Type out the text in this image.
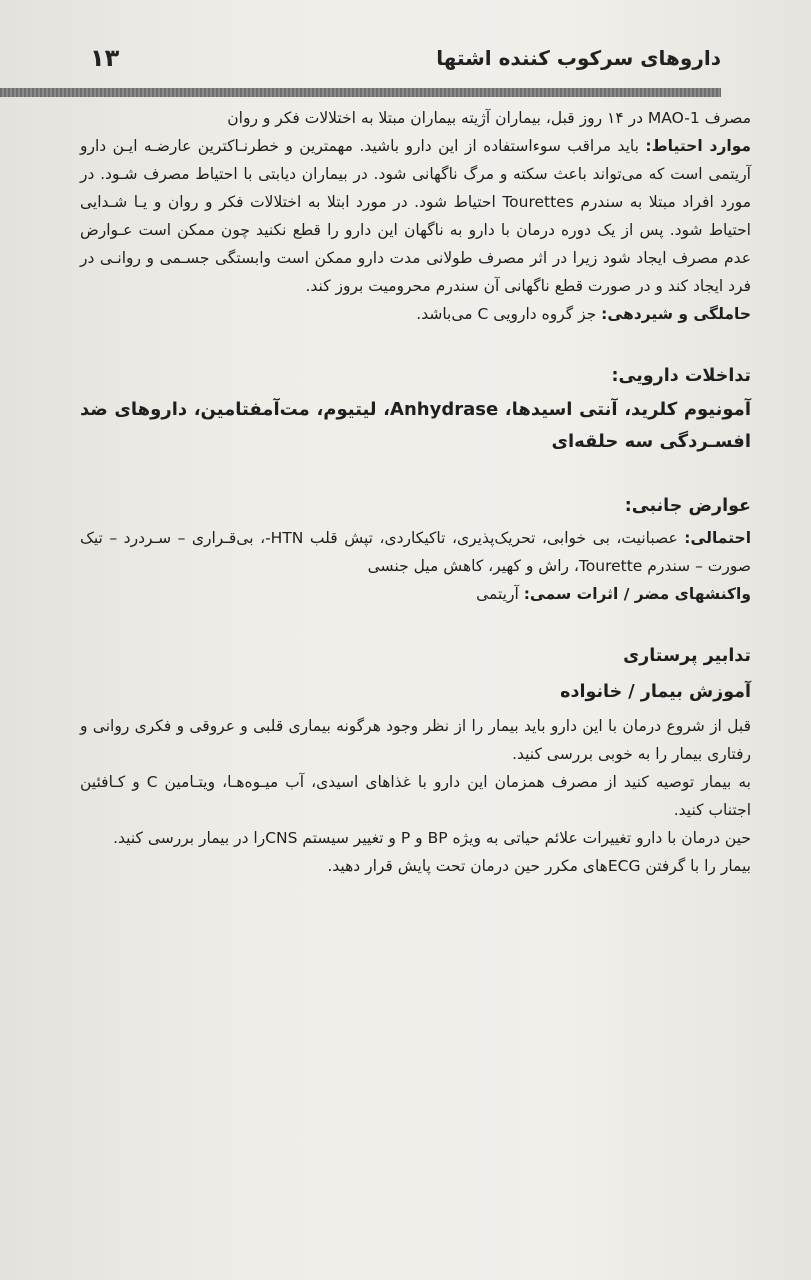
۱۳	داروهای سرکوب کننده اشتها

مصرف MAO-1 در ۱۴ روز قبل، بیماران آژیته بیماران مبتلا به اختلالات فکر و روان

موارد احتیاط: باید مراقب سوءاستفاده از این دارو باشید. مهمترین و خطرنـاکترین عارضـه ایـن دارو آریتمی است که می‌تواند باعث سکته و مرگ ناگهانی شود. در بیماران دیابتی با احتیاط مصرف شـود. در مورد افراد مبتلا به سندرم Tourettes احتیاط شود. در مورد ابتلا به اختلالات فکر و روان و یـا شـدایی احتیاط شود. پس از یک دوره درمان با دارو به ناگهان این دارو را قطع نکنید چون ممکن است عـوارض عدم مصرف ایجاد شود زیرا در اثر مصرف طولانی مدت دارو ممکن است وابستگی جسـمی و روانـی در فرد ایجاد کند و در صورت قطع ناگهانی آن سندرم محرومیت بروز کند.

حاملگی و شیردهی: جز گروه دارویی C می‌باشد.

تداخلات دارویی:

آمونیوم کلرید، آنتی اسیدها، Anhydrase، لیتیوم، مت‌آمفتامین، داروهای ضد افسـردگی سه حلقه‌ای

عوارض جانبی:

احتمالی: عصبانیت، بی خوابی، تحریک‌پذیری، تاکیکاردی، تپش قلب HTN-، بی‌قـراری – سـردرد – تیک صورت – سندرم Tourette، راش و کهیر، کاهش میل جنسی

واکنشهای مضر / اثرات سمی: آریتمی

تدابیر پرستاری

آموزش بیمار / خانواده

قبل از شروع درمان با این دارو باید بیمار را از نظر وجود هرگونه بیماری قلبی و عروقی و فکری روانی و رفتاری بیمار را به خوبی بررسی کنید.

به بیمار توصیه کنید از مصرف همزمان این دارو با غذاهای اسیدی، آب میـوه‌هـا، ویتـامین C و کـافئین اجتناب کنید.

حین درمان با دارو تغییرات علائم حیاتی به ویژه BP و P و تغییر سیستم CNSرا در بیمار بررسی کنید.

بیمار را با گرفتن ECGهای مکرر حین درمان تحت پایش قرار دهید.
